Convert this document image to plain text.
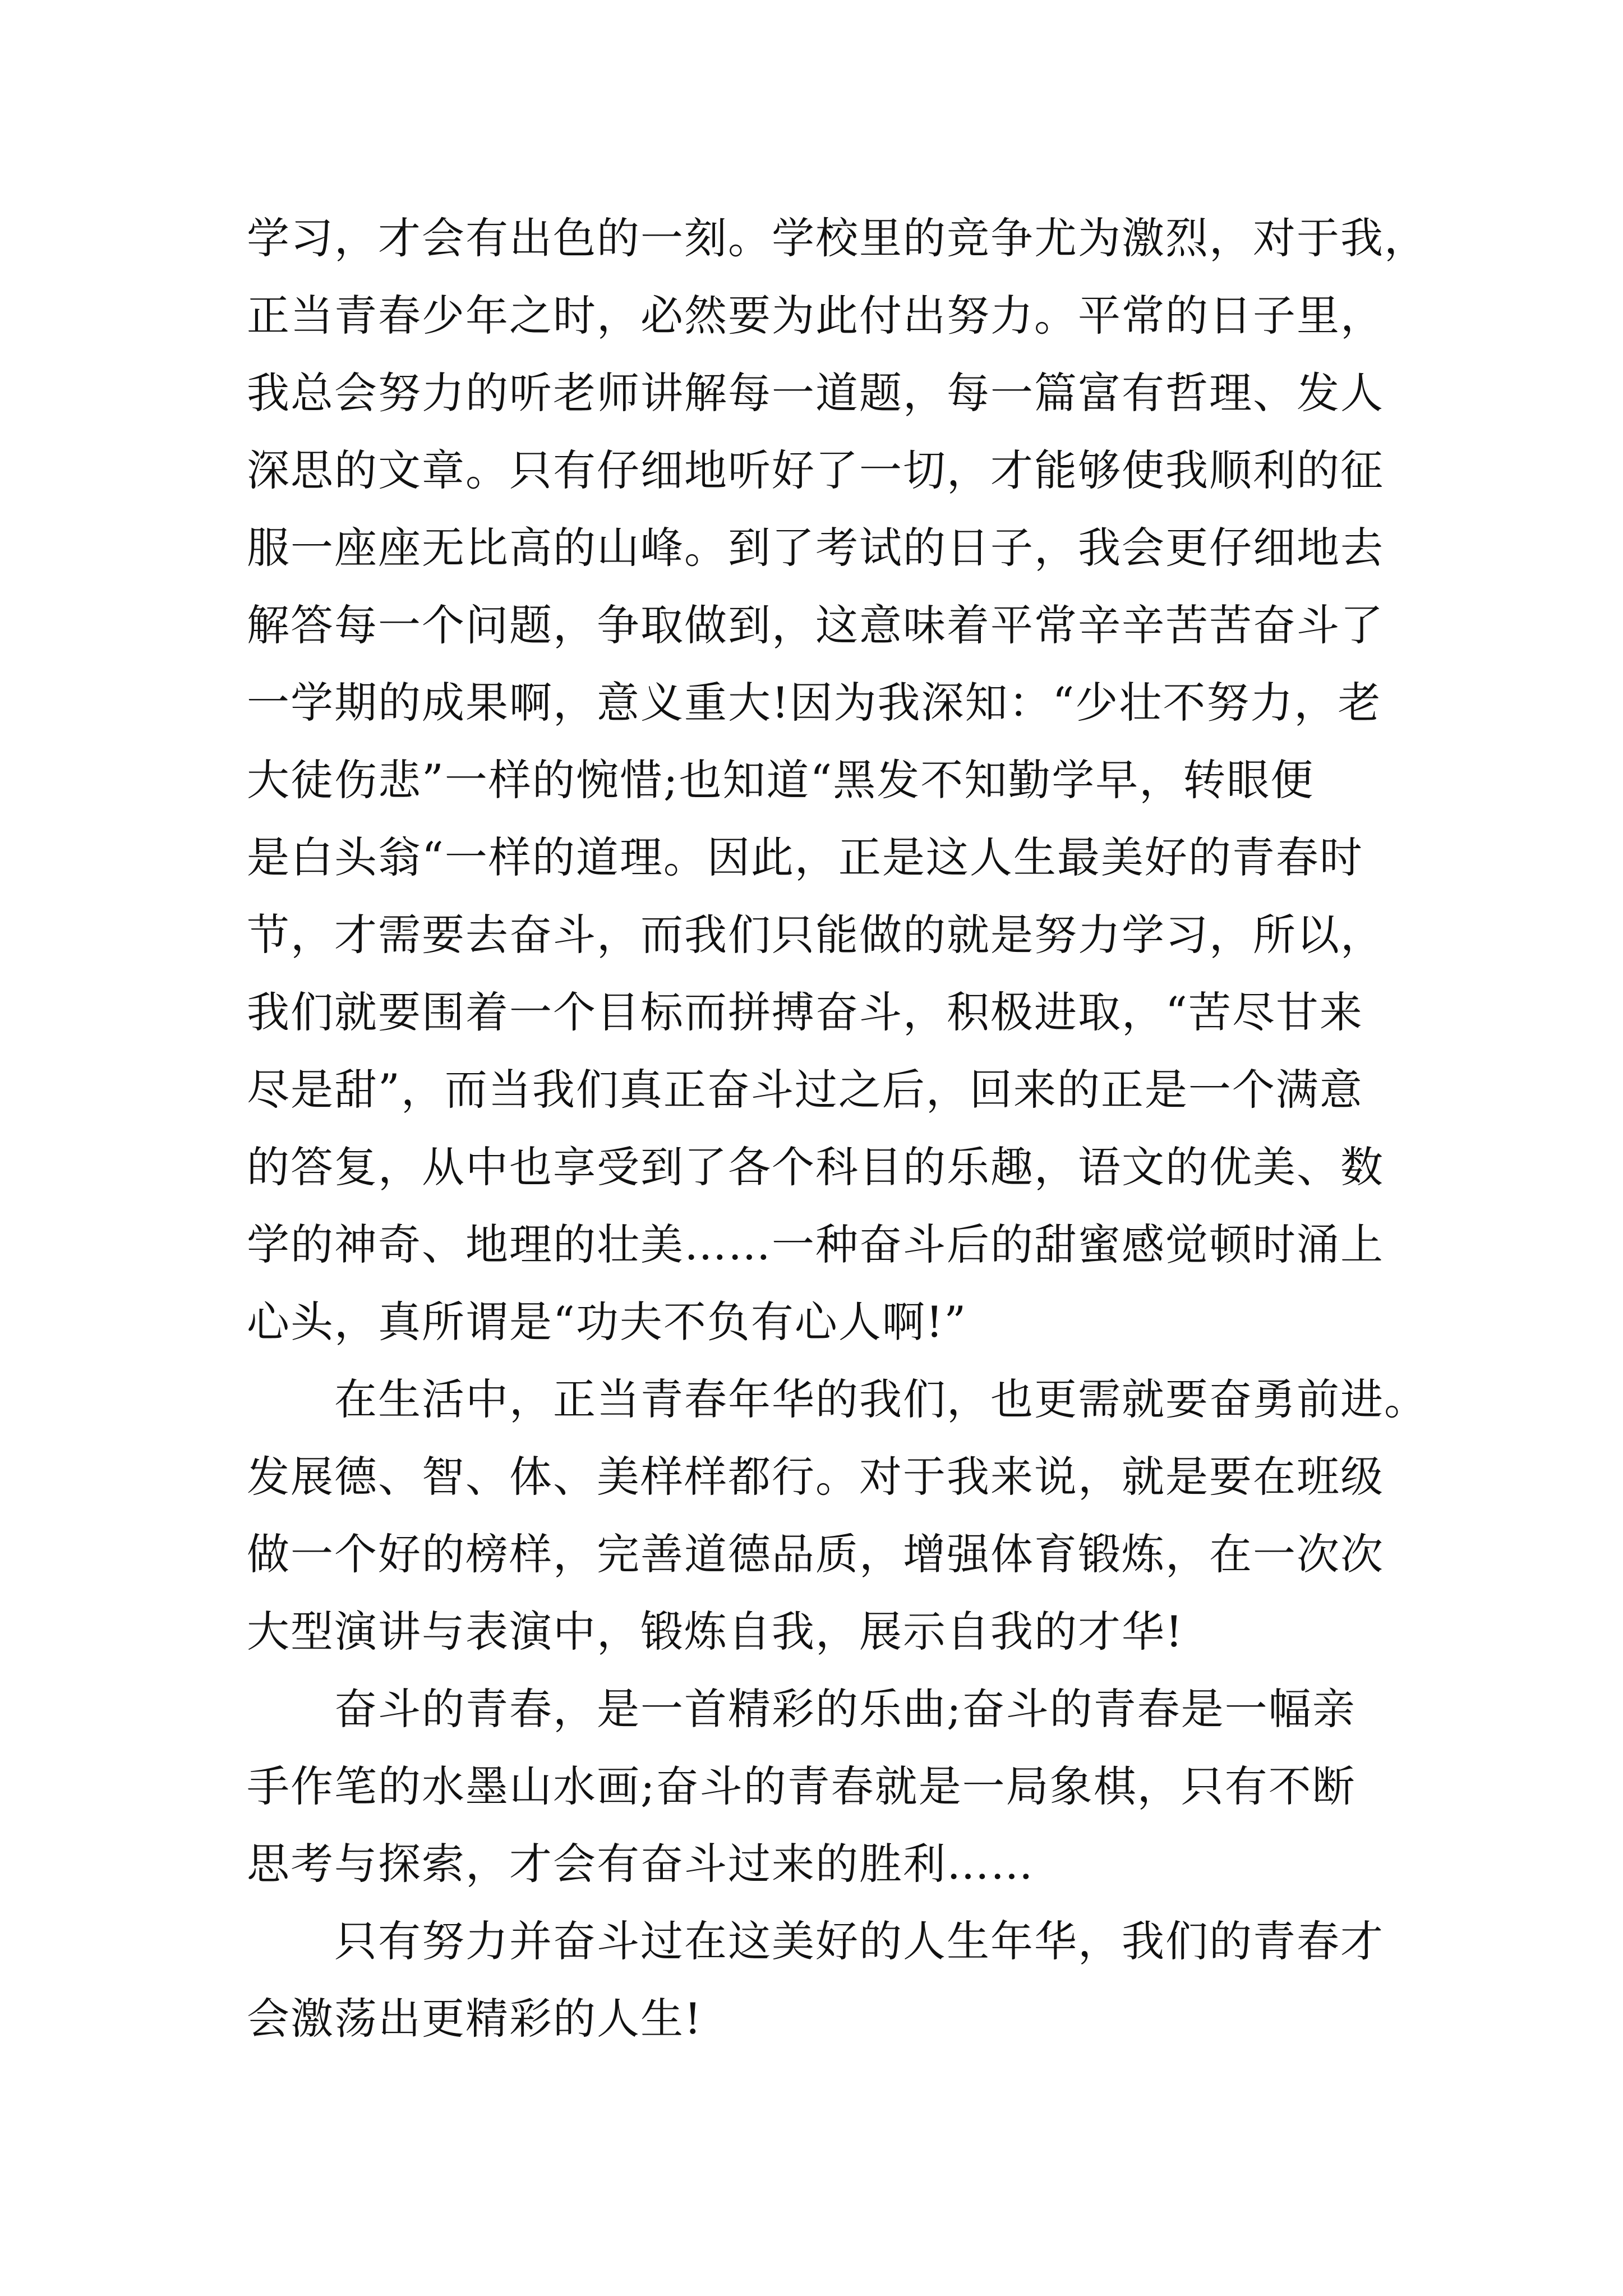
学习，才会有出色的一刻。学校里的竞争尤为激烈，对于我，
正当青春少年之时，必然要为此付出努力。平常的日子里，
我总会努力的听老师讲解每一道题，每一篇富有哲理、发人
深思的文章。只有仔细地听好了一切，才能够使我顺利的征
服一座座无比高的山峰。到了考试的日子，我会更仔细地去
解答每一个问题，争取做到，这意味着平常辛辛苦苦奋斗了
一学期的成果啊，意义重大!因为我深知：“少壮不努力，老
大徒伤悲”一样的惋惜;也知道“黑发不知勤学早，转眼便
是白头翁“一样的道理。因此，正是这人生最美好的青春时
节，才需要去奋斗，而我们只能做的就是努力学习，所以，
我们就要围着一个目标而拼搏奋斗，积极进取，“苦尽甘来
尽是甜”，而当我们真正奋斗过之后，回来的正是一个满意
的答复，从中也享受到了各个科目的乐趣，语文的优美、数
学的神奇、地理的壮美……一种奋斗后的甜蜜感觉顿时涌上
心头，真所谓是“功夫不负有心人啊!”
在生活中，正当青春年华的我们，也更需就要奋勇前进。
发展德、智、体、美样样都行。对于我来说，就是要在班级
做一个好的榜样，完善道德品质，增强体育锻炼，在一次次
大型演讲与表演中，锻炼自我，展示自我的才华!
奋斗的青春，是一首精彩的乐曲;奋斗的青春是一幅亲
手作笔的水墨山水画;奋斗的青春就是一局象棋，只有不断
思考与探索，才会有奋斗过来的胜利……
只有努力并奋斗过在这美好的人生年华，我们的青春才
会激荡出更精彩的人生!
